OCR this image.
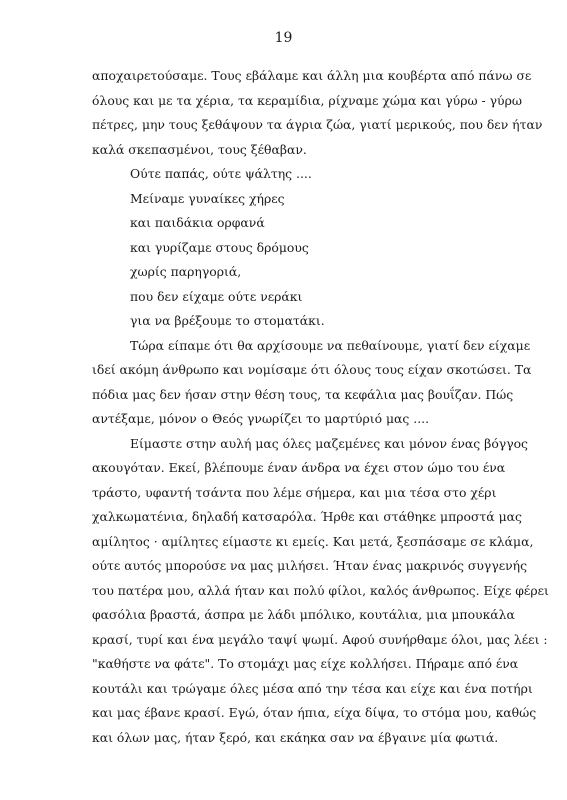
19
αποχαιρετούσαμε. Τους εβάλαμε και άλλη μια κουβέρτα από πάνω σε
όλους και με τα χέρια, τα κεραμίδια, ρίχναμε χώμα και γύρω - γύρω
πέτρες, μην τους ξεθάψουν τα άγρια ζώα, γιατί μερικούς, που δεν ήταν
καλά σκεπασμένοι, τους ξέθαβαν.
Ούτε παπάς, ούτε ψάλτης ....
Μείναμε γυναίκες χήρες
και παιδάκια ορφανά
και γυρίζαμε στους δρόμους
χωρίς παρηγοριά,
που δεν είχαμε ούτε νεράκι
για να βρέξουμε το στοματάκι.
Τώρα είπαμε ότι θα αρχίσουμε να πεθαίνουμε, γιατί δεν είχαμε
ιδεί ακόμη άνθρωπο και νομίσαμε ότι όλους τους είχαν σκοτώσει. Τα
πόδια μας δεν ήσαν στην θέση τους, τα κεφάλια μας βουΐζαν. Πώς
αντέξαμε, μόνον ο Θεός γνωρίζει το μαρτύριό μας ....
Είμαστε στην αυλή μας όλες μαζεμένες και μόνον ένας βόγγος
ακουγόταν. Εκεί, βλέπουμε έναν άνδρα να έχει στον ώμο του ένα
τράστο, υφαντή τσάντα που λέμε σήμερα, και μια τέσα στο χέρι
χαλκωματένια, δηλαδή κατσαρόλα. Ήρθε και στάθηκε μπροστά μας
αμίλητος · αμίλητες είμαστε κι εμείς. Και μετά, ξεσπάσαμε σε κλάμα,
ούτε αυτός μπορούσε να μας μιλήσει. Ήταν ένας μακρινός συγγενής
του πατέρα μου, αλλά ήταν και πολύ φίλοι, καλός άνθρωπος. Είχε φέρει
φασόλια βραστά, άσπρα με λάδι μπόλικο, κουτάλια, μια μπουκάλα
κρασί, τυρί και ένα μεγάλο ταψί ψωμί. Αφού συνήρθαμε όλοι, μας λέει :
"καθήστε να φάτε". Το στομάχι μας είχε κολλήσει. Πήραμε από ένα
κουτάλι και τρώγαμε όλες μέσα από την τέσα και είχε και ένα ποτήρι
και μας έβανε κρασί. Εγώ, όταν ήπια, είχα δίψα, το στόμα μου, καθώς
και όλων μας, ήταν ξερό, και εκάηκα σαν να έβγαινε μία φωτιά.
